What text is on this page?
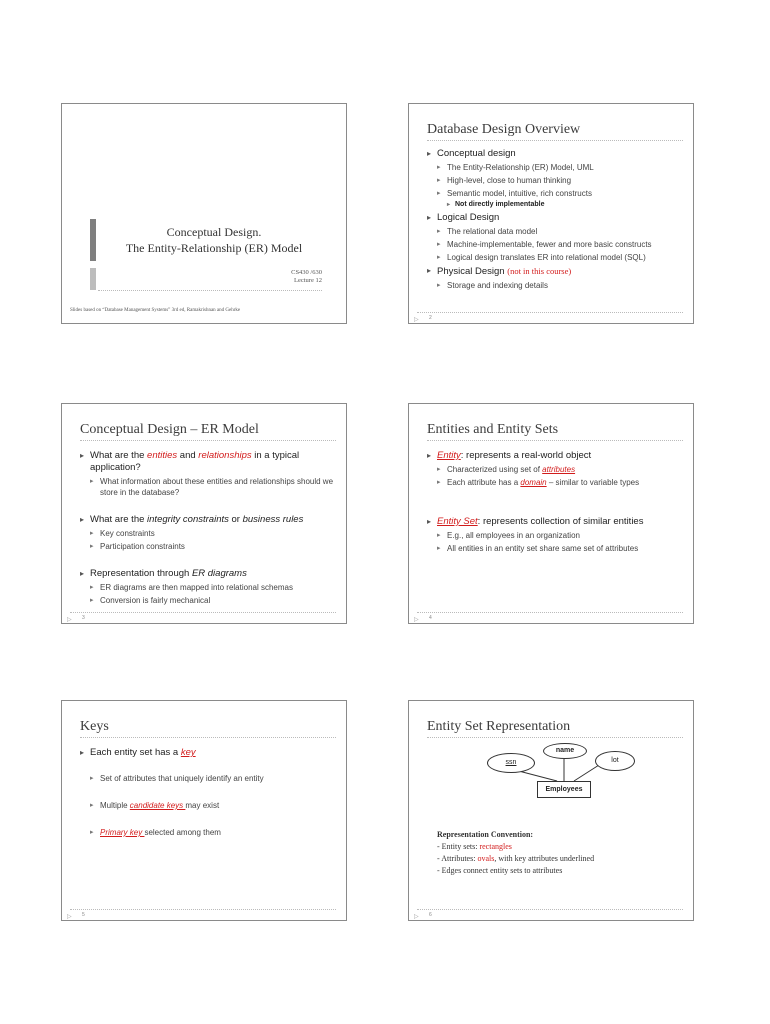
Conceptual Design.
The Entity-Relationship (ER) Model
CS430 /630
Lecture 12
Slides based on “Database Management Systems” 3rd ed, Ramakrishnan and Gehrke
Database Design Overview
▸ Conceptual design
▸ The Entity-Relationship (ER) Model, UML
▸ High-level, close to human thinking
▸ Semantic model, intuitive, rich constructs
▸ Not directly implementable
▸ Logical Design
▸ The relational data model
▸ Machine-implementable, fewer and more basic constructs
▸ Logical design translates ER into relational model (SQL)
▸ Physical Design (not in this course)
▸ Storage and indexing details
▷ 2
Conceptual Design – ER Model
▸ What are the entities and relationships in a typical application?
▸ What information about these entities and relationships should we store in the database?
▸ What are the integrity constraints or business rules
▸ Key constraints
▸ Participation constraints
▸ Representation through ER diagrams
▸ ER diagrams are then mapped into relational schemas
▸ Conversion is fairly mechanical
▷ 3
Entities and Entity Sets
▸ Entity: represents a real-world object
▸ Characterized using set of attributes
▸ Each attribute has a domain – similar to variable types
▸ Entity Set: represents collection of similar entities
▸ E.g., all employees in an organization
▸ All entities in an entity set share same set of attributes
▷ 4
Keys
▸ Each entity set has a key
▸ Set of attributes that uniquely identify an entity
▸ Multiple candidate keys may exist
▸ Primary key selected among them
▷ 5
Entity Set Representation
ssn
name
lot
Employees
Representation Convention:
- Entity sets: rectangles
- Attributes: ovals, with key attributes underlined
- Edges connect entity sets to attributes
▷ 6
